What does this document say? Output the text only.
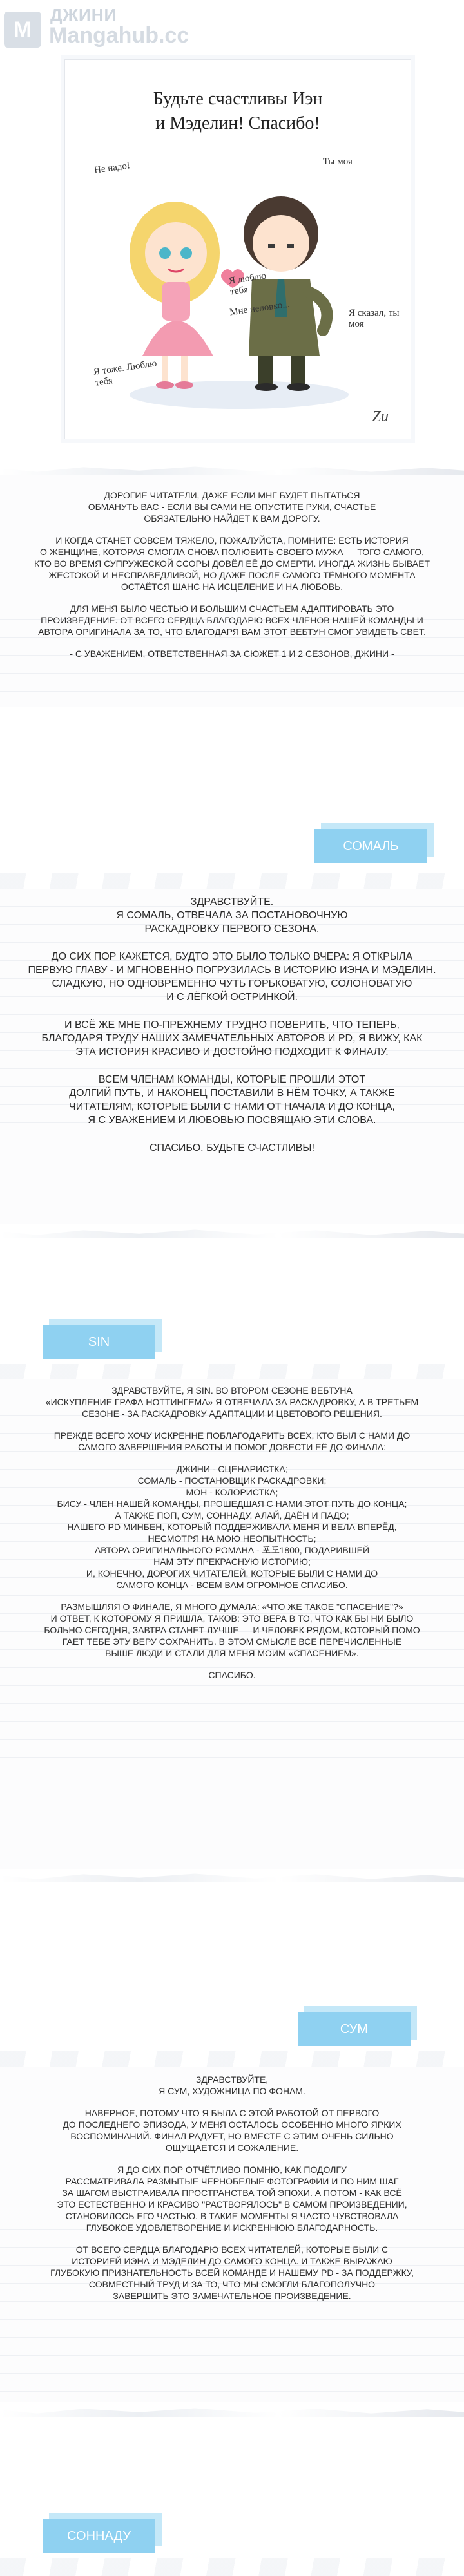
M
ДЖИНИ
Mangahub.cc
Будьте счастливы Иэн
и Мэделин! Спасибо!
Не надо!	Ты моя
Я люблю тебя
Мне неловко...	Я сказал, ты моя
Я тоже. Люблю тебя
Zu

ДОРОГИЕ ЧИТАТЕЛИ, ДАЖЕ ЕСЛИ МНГ БУДЕТ ПЫТАТЬСЯ
ОБМАНУТЬ ВАС - ЕСЛИ ВЫ САМИ НЕ ОПУСТИТЕ РУКИ, СЧАСТЬЕ
ОБЯЗАТЕЛЬНО НАЙДЕТ К ВАМ ДОРОГУ.

И КОГДА СТАНЕТ СОВСЕМ ТЯЖЕЛО, ПОЖАЛУЙСТА, ПОМНИТЕ: ЕСТЬ ИСТОРИЯ
О ЖЕНЩИНЕ, КОТОРАЯ СМОГЛА СНОВА ПОЛЮБИТЬ СВОЕГО МУЖА — ТОГО САМОГО,
КТО ВО ВРЕМЯ СУПРУЖЕСКОЙ ССОРЫ ДОВЁЛ ЕЁ ДО СМЕРТИ. ИНОГДА ЖИЗНЬ БЫВАЕТ
ЖЕСТОКОЙ И НЕСПРАВЕДЛИВОЙ, НО ДАЖЕ ПОСЛЕ САМОГО ТЁМНОГО МОМЕНТА
ОСТАЁТСЯ ШАНС НА ИСЦЕЛЕНИЕ И НА ЛЮБОВЬ.

ДЛЯ МЕНЯ БЫЛО ЧЕСТЬЮ И БОЛЬШИМ СЧАСТЬЕМ АДАПТИРОВАТЬ ЭТО
ПРОИЗВЕДЕНИЕ. ОТ ВСЕГО СЕРДЦА БЛАГОДАРЮ ВСЕХ ЧЛЕНОВ НАШЕЙ КОМАНДЫ И
АВТОРА ОРИГИНАЛА ЗА ТО, ЧТО БЛАГОДАРЯ ВАМ ЭТОТ ВЕБТУН СМОГ УВИДЕТЬ СВЕТ.

- С УВАЖЕНИЕМ, ОТВЕТСТВЕННАЯ ЗА СЮЖЕТ 1 И 2 СЕЗОНОВ, ДЖИНИ -

СОМАЛЬ

ЗДРАВСТВУЙТЕ.
Я СОМАЛЬ, ОТВЕЧАЛА ЗА ПОСТАНОВОЧНУЮ
РАСКАДРОВКУ ПЕРВОГО СЕЗОНА.

ДО СИХ ПОР КАЖЕТСЯ, БУДТО ЭТО БЫЛО ТОЛЬКО ВЧЕРА: Я ОТКРЫЛА
ПЕРВУЮ ГЛАВУ - И МГНОВЕННО ПОГРУЗИЛАСЬ В ИСТОРИЮ ИЭНА И МЭДЕЛИН.
СЛАДКУЮ, НО ОДНОВРЕМЕННО ЧУТЬ ГОРЬКОВАТУЮ, СОЛОНОВАТУЮ
И С ЛЁГКОЙ ОСТРИНКОЙ.

И ВСЁ ЖЕ МНЕ ПО-ПРЕЖНЕМУ ТРУДНО ПОВЕРИТЬ, ЧТО ТЕПЕРЬ,
БЛАГОДАРЯ ТРУДУ НАШИХ ЗАМЕЧАТЕЛЬНЫХ АВТОРОВ И PD, Я ВИЖУ, КАК
ЭТА ИСТОРИЯ КРАСИВО И ДОСТОЙНО ПОДХОДИТ К ФИНАЛУ.

ВСЕМ ЧЛЕНАМ КОМАНДЫ, КОТОРЫЕ ПРОШЛИ ЭТОТ
ДОЛГИЙ ПУТЬ, И НАКОНЕЦ ПОСТАВИЛИ В НЁМ ТОЧКУ, А ТАКЖЕ
ЧИТАТЕЛЯМ, КОТОРЫЕ БЫЛИ С НАМИ ОТ НАЧАЛА И ДО КОНЦА,
Я С УВАЖЕНИЕМ И ЛЮБОВЬЮ ПОСВЯЩАЮ ЭТИ СЛОВА.

СПАСИБО. БУДЬТЕ СЧАСТЛИВЫ!

SIN

ЗДРАВСТВУЙТЕ, Я SIN. ВО ВТОРОМ СЕЗОНЕ ВЕБТУНА
«ИСКУПЛЕНИЕ ГРАФА НОТТИНГЕМА» Я ОТВЕЧАЛА ЗА РАСКАДРОВКУ, А В ТРЕТЬЕМ
СЕЗОНЕ - ЗА РАСКАДРОВКУ АДАПТАЦИИ И ЦВЕТОВОГО РЕШЕНИЯ.

ПРЕЖДЕ ВСЕГО ХОЧУ ИСКРЕННЕ ПОБЛАГОДАРИТЬ ВСЕХ, КТО БЫЛ С НАМИ ДО
САМОГО ЗАВЕРШЕНИЯ РАБОТЫ И ПОМОГ ДОВЕСТИ ЕЁ ДО ФИНАЛА:

ДЖИНИ - СЦЕНАРИСТКА;
СОМАЛЬ - ПОСТАНОВЩИК РАСКАДРОВКИ;
МОН - КОЛОРИСТКА;
БИСУ - ЧЛЕН НАШЕЙ КОМАНДЫ, ПРОШЕДШАЯ С НАМИ ЭТОТ ПУТЬ ДО КОНЦА;
А ТАКЖЕ ПОП, СУМ, СОННАДУ, АЛАЙ, ДАЁН И ПАДО;
НАШЕГО PD МИНБЕН, КОТОРЫЙ ПОДДЕРЖИВАЛА МЕНЯ И ВЕЛА ВПЕРЁД,
НЕСМОТРЯ НА МОЮ НЕОПЫТНОСТЬ;
АВТОРА ОРИГИНАЛЬНОГО РОМАНА - 포도1800, ПОДАРИВШЕЙ
НАМ ЭТУ ПРЕКРАСНУЮ ИСТОРИЮ;
И, КОНЕЧНО, ДОРОГИХ ЧИТАТЕЛЕЙ, КОТОРЫЕ БЫЛИ С НАМИ ДО
САМОГО КОНЦА - ВСЕМ ВАМ ОГРОМНОЕ СПАСИБО.

РАЗМЫШЛЯЯ О ФИНАЛЕ, Я МНОГО ДУМАЛА: «ЧТО ЖЕ ТАКОЕ "СПАСЕНИЕ"?»
И ОТВЕТ, К КОТОРОМУ Я ПРИШЛА, ТАКОВ: ЭТО ВЕРА В ТО, ЧТО КАК БЫ НИ БЫЛО
БОЛЬНО СЕГОДНЯ, ЗАВТРА СТАНЕТ ЛУЧШЕ — И ЧЕЛОВЕК РЯДОМ, КОТОРЫЙ ПОМО
ГАЕТ ТЕБЕ ЭТУ ВЕРУ СОХРАНИТЬ. В ЭТОМ СМЫСЛЕ ВСЕ ПЕРЕЧИСЛЕННЫЕ
ВЫШЕ ЛЮДИ И СТАЛИ ДЛЯ МЕНЯ МОИМ «СПАСЕНИЕМ».

СПАСИБО.

СУМ

ЗДРАВСТВУЙТЕ,
Я СУМ, ХУДОЖНИЦА ПО ФОНАМ.

НАВЕРНОЕ, ПОТОМУ ЧТО Я БЫЛА С ЭТОЙ РАБОТОЙ ОТ ПЕРВОГО
ДО ПОСЛЕДНЕГО ЭПИЗОДА, У МЕНЯ ОСТАЛОСЬ ОСОБЕННО МНОГО ЯРКИХ
ВОСПОМИНАНИЙ. ФИНАЛ РАДУЕТ, НО ВМЕСТЕ С ЭТИМ ОЧЕНЬ СИЛЬНО
ОЩУЩАЕТСЯ И СОЖАЛЕНИЕ.

Я ДО СИХ ПОР ОТЧЁТЛИВО ПОМНЮ, КАК ПОДОЛГУ
РАССМАТРИВАЛА РАЗМЫТЫЕ ЧЕРНОБЕЛЫЕ ФОТОГРАФИИ И ПО НИМ ШАГ
ЗА ШАГОМ ВЫСТРАИВАЛА ПРОСТРАНСТВА ТОЙ ЭПОХИ. А ПОТОМ - КАК ВСЁ
ЭТО ЕСТЕСТВЕННО И КРАСИВО "РАСТВОРЯЛОСЬ" В САМОМ ПРОИЗВЕДЕНИИ,
СТАНОВИЛОСЬ ЕГО ЧАСТЬЮ. В ТАКИЕ МОМЕНТЫ Я ЧАСТО ЧУВСТВОВАЛА
ГЛУБОКОЕ УДОВЛЕТВОРЕНИЕ И ИСКРЕННЮЮ БЛАГОДАРНОСТЬ.

ОТ ВСЕГО СЕРДЦА БЛАГОДАРЮ ВСЕХ ЧИТАТЕЛЕЙ, КОТОРЫЕ БЫЛИ С
ИСТОРИЕЙ ИЭНА И МЭДЕЛИН ДО САМОГО КОНЦА. И ТАКЖЕ ВЫРАЖАЮ
ГЛУБОКУЮ ПРИЗНАТЕЛЬНОСТЬ ВСЕЙ КОМАНДЕ И НАШЕМУ PD - ЗА ПОДДЕРЖКУ,
СОВМЕСТНЫЙ ТРУД И ЗА ТО, ЧТО МЫ СМОГЛИ БЛАГОПОЛУЧНО
ЗАВЕРШИТЬ ЭТО ЗАМЕЧАТЕЛЬНОЕ ПРОИЗВЕДЕНИЕ.

СОННАДУ
